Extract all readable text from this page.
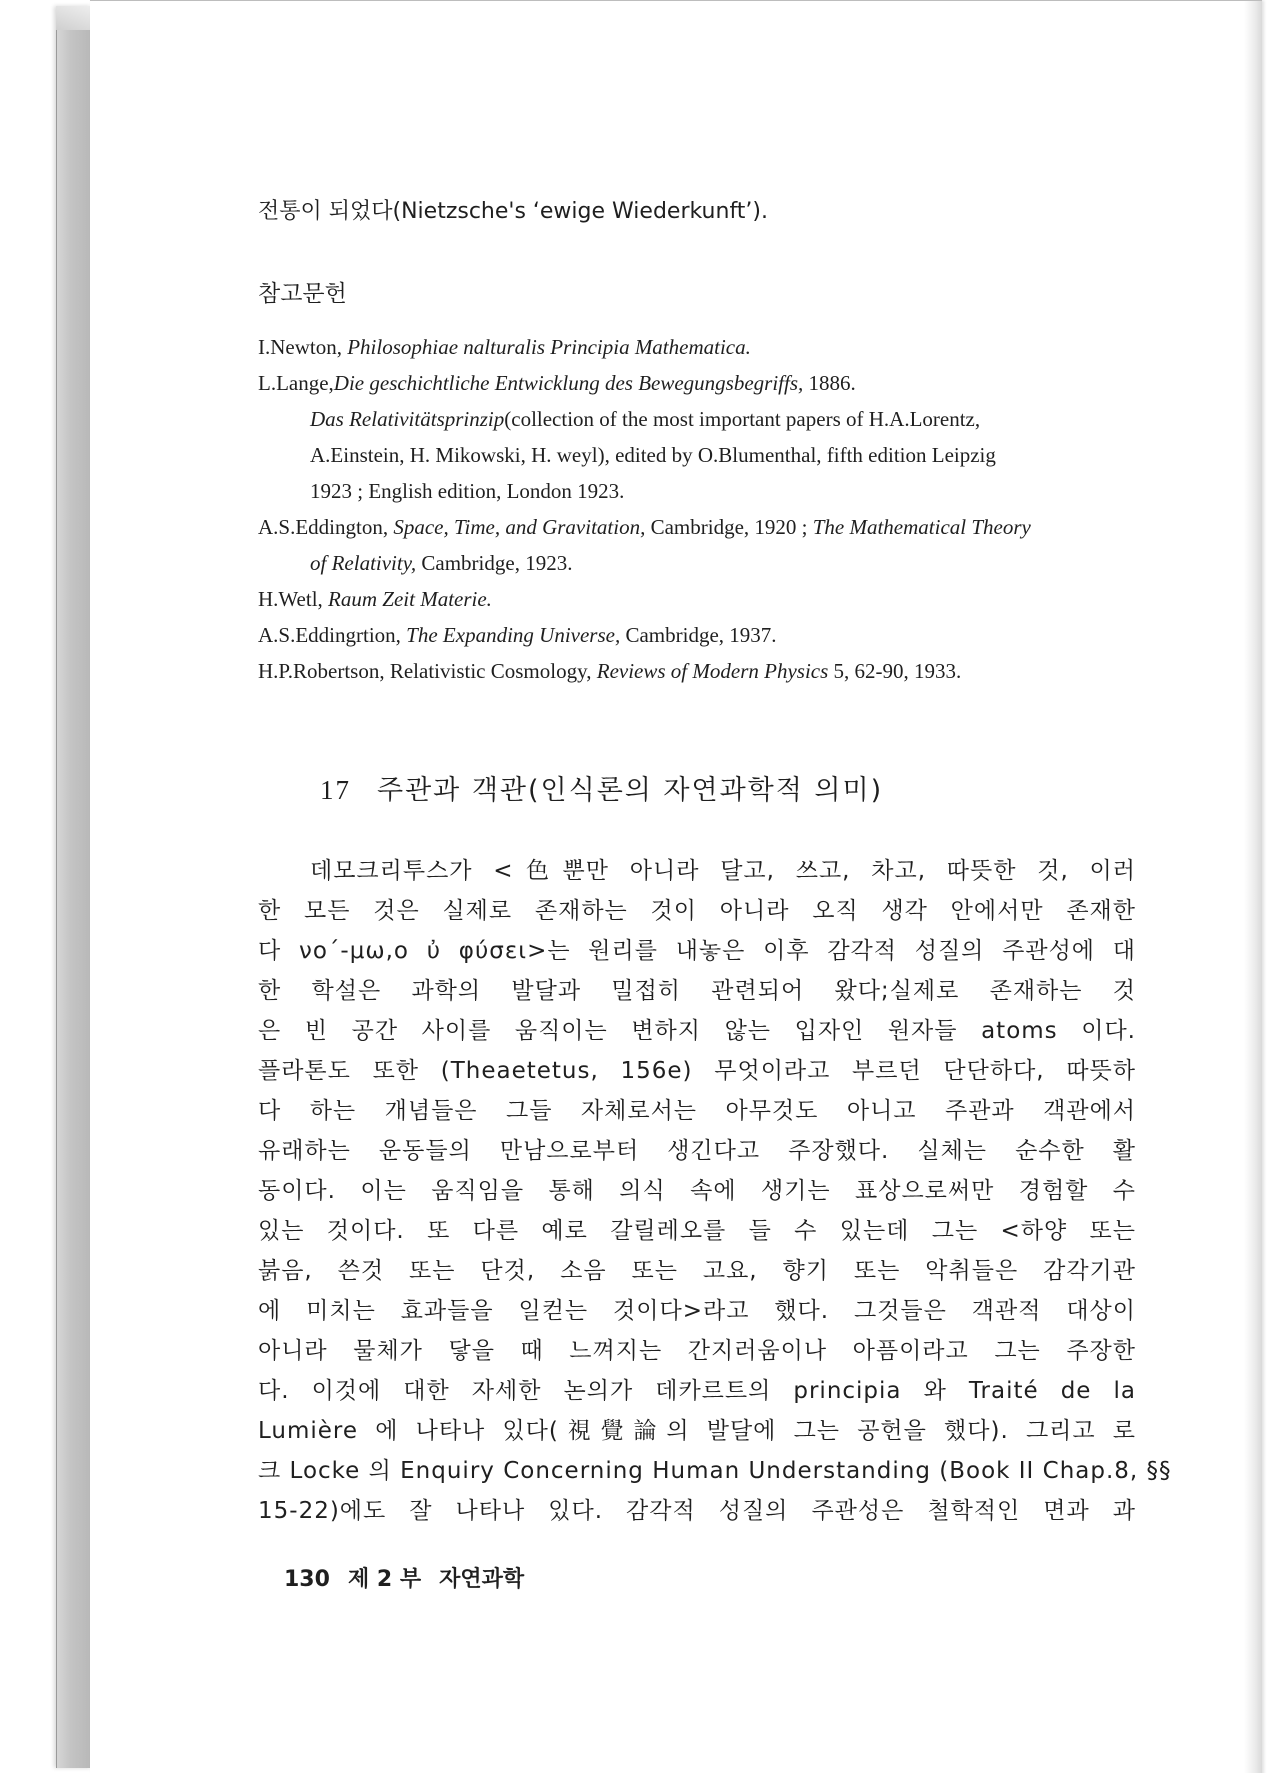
전통이 되었다(Nietzsche's ‘ewige Wiederkunft’).
참고문헌
I.Newton, Philosophiae nalturalis Principia Mathematica.
L.Lange,Die geschichtliche Entwicklung des Bewegungsbegriffs, 1886.
Das Relativitätsprinzip(collection of the most important papers of H.A.Lorentz,
A.Einstein, H. Mikowski, H. weyl), edited by O.Blumenthal, fifth edition Leipzig
1923 ; English edition, London 1923.
A.S.Eddington, Space, Time, and Gravitation, Cambridge, 1920 ; The Mathematical Theory
of Relativity, Cambridge, 1923.
H.Wetl, Raum Zeit Materie.
A.S.Eddingrtion, The Expanding Universe, Cambridge, 1937.
H.P.Robertson, Relativistic Cosmology, Reviews of Modern Physics 5, 62-90, 1933.
17 주관과 객관(인식론의 자연과학적 의미)
데모크리투스가 <色뿐만 아니라 달고, 쓰고, 차고, 따뜻한 것, 이러
한 모든 것은 실제로 존재하는 것이 아니라 오직 생각 안에서만 존재한
다 νο´-μω,ο ὐ φύσει>는 원리를 내놓은 이후 감각적 성질의 주관성에 대
한 학설은 과학의 발달과 밀접히 관련되어 왔다;실제로 존재하는 것
은 빈 공간 사이를 움직이는 변하지 않는 입자인 원자들 atoms 이다.
플라톤도 또한 (Theaetetus, 156e) 무엇이라고 부르던 단단하다, 따뜻하
다 하는 개념들은 그들 자체로서는 아무것도 아니고 주관과 객관에서
유래하는 운동들의 만남으로부터 생긴다고 주장했다. 실체는 순수한 활
동이다. 이는 움직임을 통해 의식 속에 생기는 표상으로써만 경험할 수
있는 것이다. 또 다른 예로 갈릴레오를 들 수 있는데 그는 <하양 또는
붉음, 쓴것 또는 단것, 소음 또는 고요, 향기 또는 악취들은 감각기관
에 미치는 효과들을 일컫는 것이다>라고 했다. 그것들은 객관적 대상이
아니라 물체가 닿을 때 느껴지는 간지러움이나 아픔이라고 그는 주장한
다. 이것에 대한 자세한 논의가 데카르트의 principia 와 Traité de la
Lumière 에 나타나 있다(視覺論의 발달에 그는 공헌을 했다). 그리고 로
크 Locke 의 Enquiry Concerning Human Understanding (Book II Chap.8, §§
15-22)에도 잘 나타나 있다. 감각적 성질의 주관성은 철학적인 면과 과
130 제 2 부 자연과학
